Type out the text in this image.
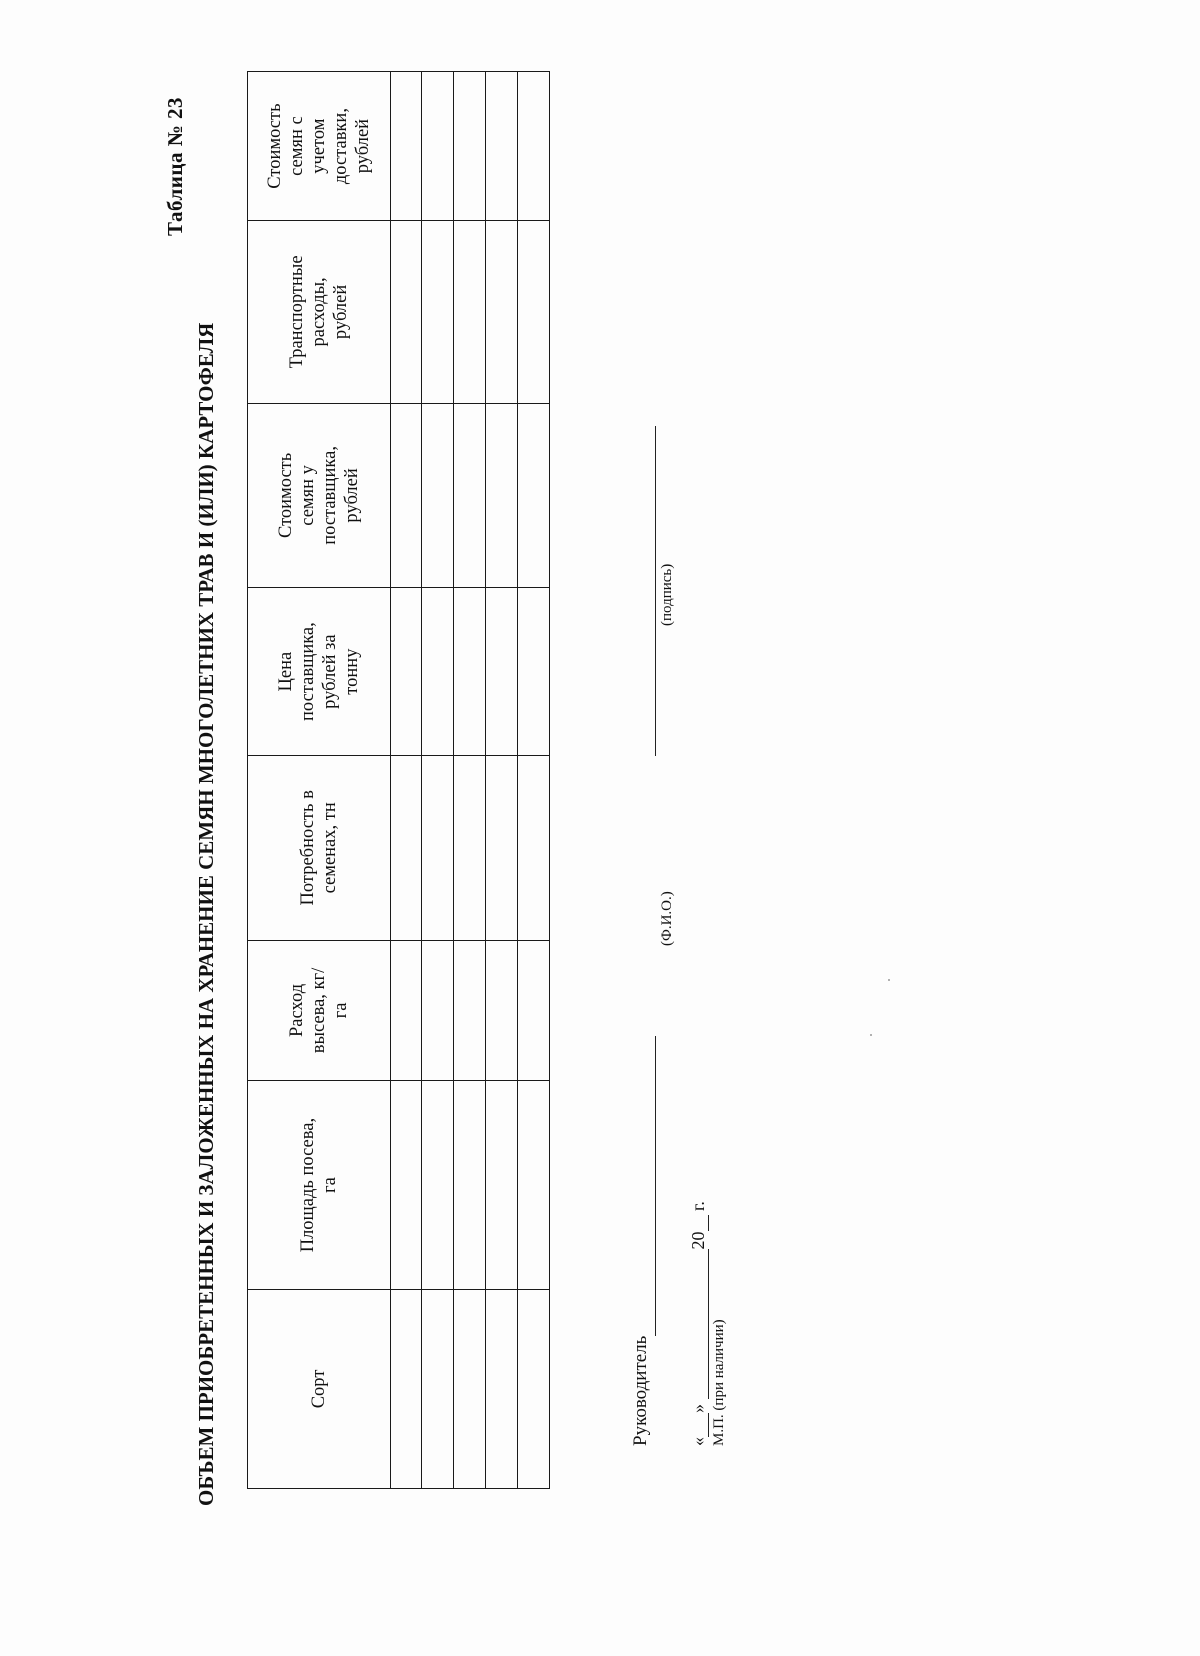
Таблица № 23
ОБЪЕМ ПРИОБРЕТЕННЫХ И ЗАЛОЖЕННЫХ НА ХРАНЕНИЕ СЕМЯН МНОГОЛЕТНИХ ТРАВ И (ИЛИ) КАРТОФЕЛЯ	Сорт	Площадь посева, га	Расход высева, кг/га	Потребность в семенах, тн	Цена поставщика, рублей за тонну	Стоимость семян у поставщика, рублей	Транспортные расходы, рублей	Стоимость семян с учетом доставки, рублей

Руководитель
(Ф.И.О.)
(подпись)
«» 20 г.
М.П. (при наличии)
